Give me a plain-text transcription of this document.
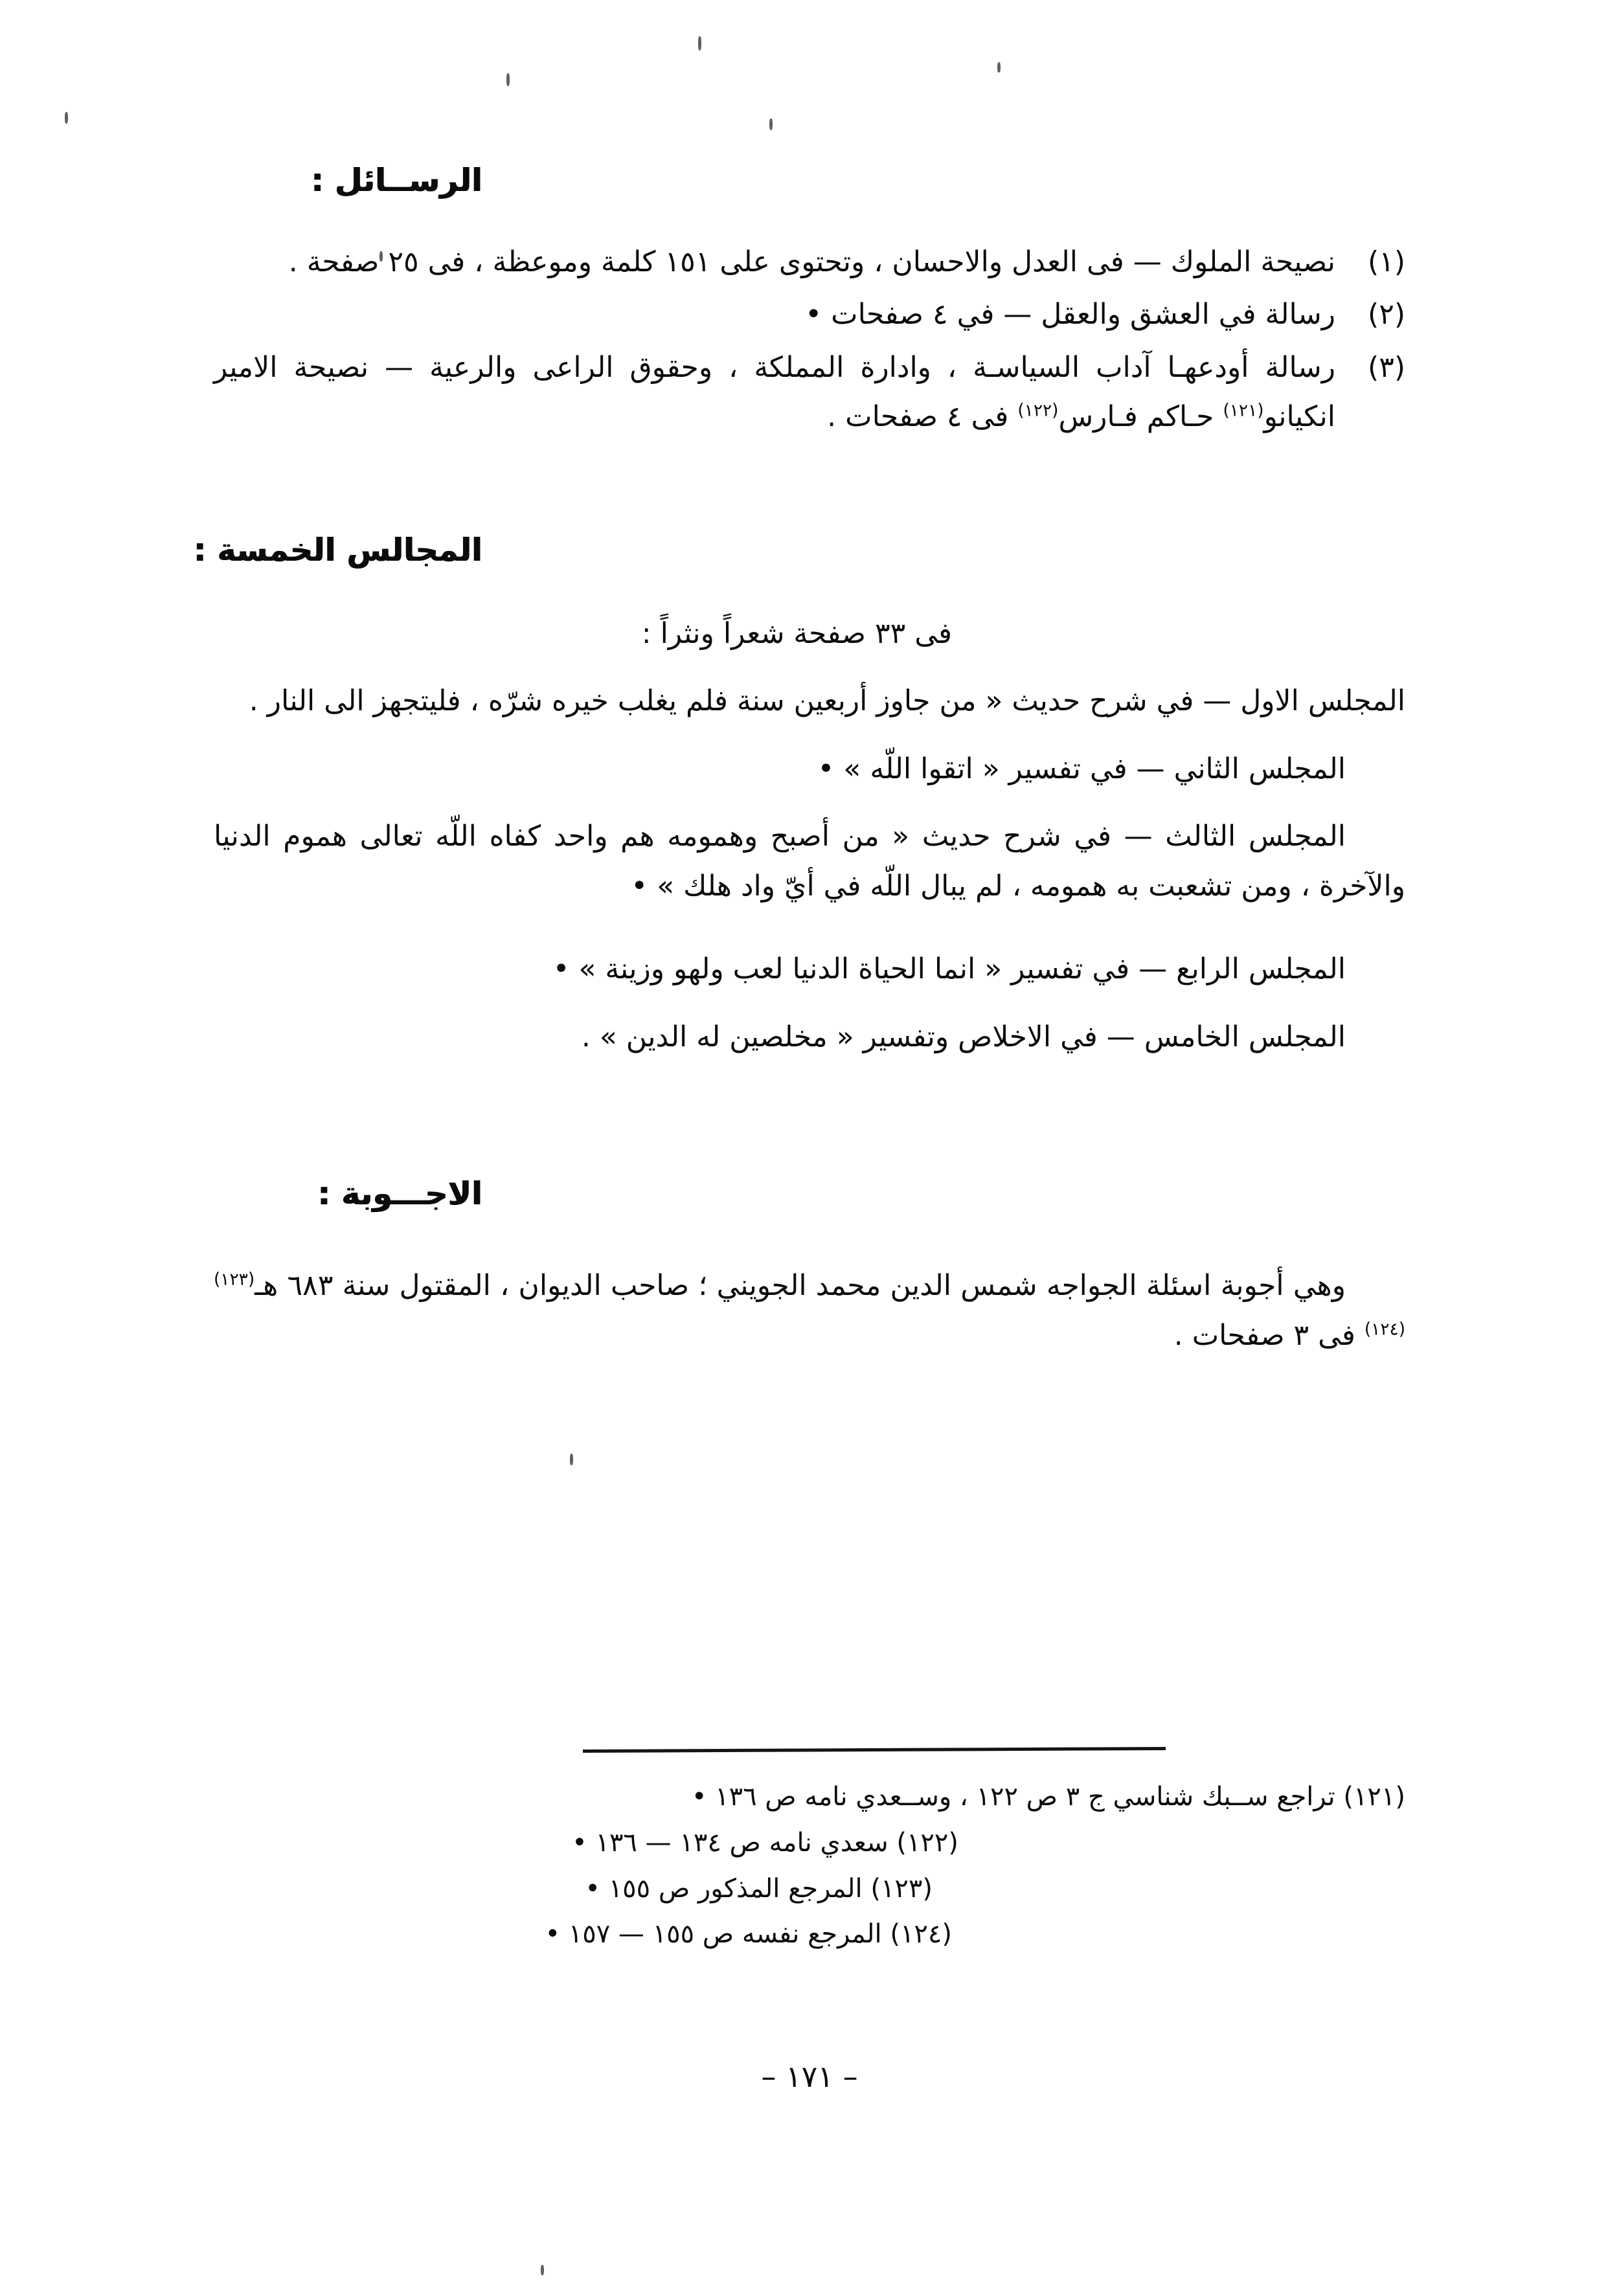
الرســائل :
(١)
نصيحة الملوك — فى العدل والاحسان ، وتحتوى على ١٥١ كلمة وموعظة ، فى ٢٥ صفحة .
(٢)
رسالة في العشق والعقل — في ٤ صفحات •
(٣)
رسالة أودعهـا آداب السياسـة ، وادارة المملكة ، وحقوق الراعى والرعية — نصيحة الامير انكيانو$^{(١٢١)}$ حـاكم فـارس$^{(١٢٢)}$ فى ٤ صفحات .
المجالس الخمسة :

فى ٣٣ صفحة شعراً ونثراً :

المجلس الاول — في شرح حديث « من جاوز أربعين سنة فلم يغلب خيره شرّه ، فليتجهز الى النار .

المجلس الثاني — في تفسير « اتقوا اللّه » •

المجلس الثالث — في شرح حديث « من أصبح وهمومه هم واحد كفاه اللّه تعالى هموم الدنيا والآخرة ، ومن تشعبت به همومه ، لم يبال اللّه في أيّ واد هلك » •

المجلس الرابع — في تفسير « انما الحياة الدنيا لعب ولهو وزينة » •

المجلس الخامس — في الاخلاص وتفسير « مخلصين له الدين » .

الاجـــوبة :

وهي أجوبة اسئلة الجواجه شمس الدين محمد الجويني ؛ صاحب الديوان ، المقتول سنة ٦٨٣ هـ$^{(١٢٣)(١٢٤)}$ فى ٣ صفحات .

(١٢١) تراجع ســبك شناسي ج ٣ ص ١٢٢ ، وســعدي نامه ص ١٣٦ •

(١٢٢) سعدي نامه ص ١٣٤ — ١٣٦ •

(١٢٣) المرجع المذكور ص ١٥٥ •

(١٢٤) المرجع نفسه ص ١٥٥ — ١٥٧ •

– ١٧١ –
